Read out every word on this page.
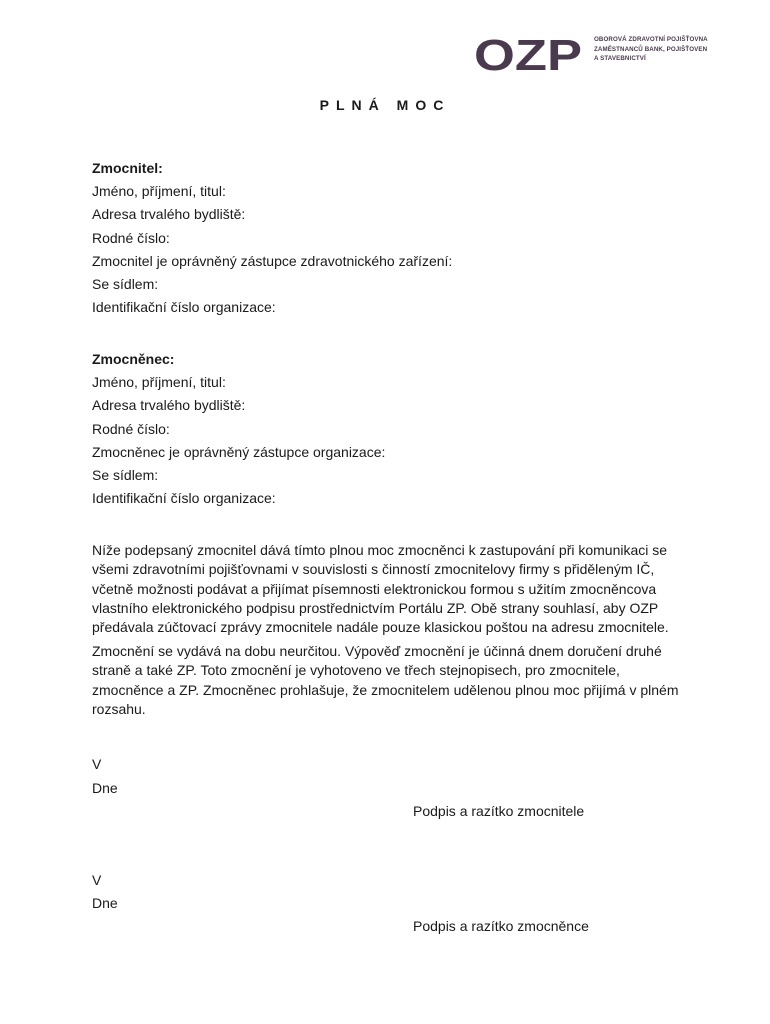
OZP OBOROVÁ ZDRAVOTNÍ POJIŠŤOVNA
ZAMĚSTNANCŮ BANK, POJIŠŤOVEN
A STAVEBNICTVÍ
PLNÁ MOC
Zmocnitel:
Jméno, příjmení, titul:
Adresa trvalého bydliště:
Rodné číslo:
Zmocnitel je oprávněný zástupce zdravotnického zařízení:
Se sídlem:
Identifikační číslo organizace:
Zmocněnec:
Jméno, příjmení, titul:
Adresa trvalého bydliště:
Rodné číslo:
Zmocněnec je oprávněný zástupce organizace:
Se sídlem:
Identifikační číslo organizace:
Níže podepsaný zmocnitel dává tímto plnou moc zmocněnci k zastupování při komunikaci se všemi zdravotními pojišťovnami v souvislosti s činností zmocnitelovy firmy s přiděleným IČ, včetně možnosti podávat a přijímat písemnosti elektronickou formou s užitím zmocněncova vlastního elektronického podpisu prostřednictvím Portálu ZP. Obě strany souhlasí, aby OZP předávala zúčtovací zprávy zmocnitele nadále pouze klasickou poštou na adresu zmocnitele.
Zmocnění se vydává na dobu neurčitou. Výpověď zmocnění je účinná dnem doručení druhé straně a také ZP. Toto zmocnění je vyhotoveno ve třech stejnopisech, pro zmocnitele, zmocněnce a ZP. Zmocněnec prohlašuje, že zmocnitelem udělenou plnou moc přijímá v plném rozsahu.
V
Dne
Podpis a razítko zmocnitele
V
Dne
Podpis a razítko zmocněnce
